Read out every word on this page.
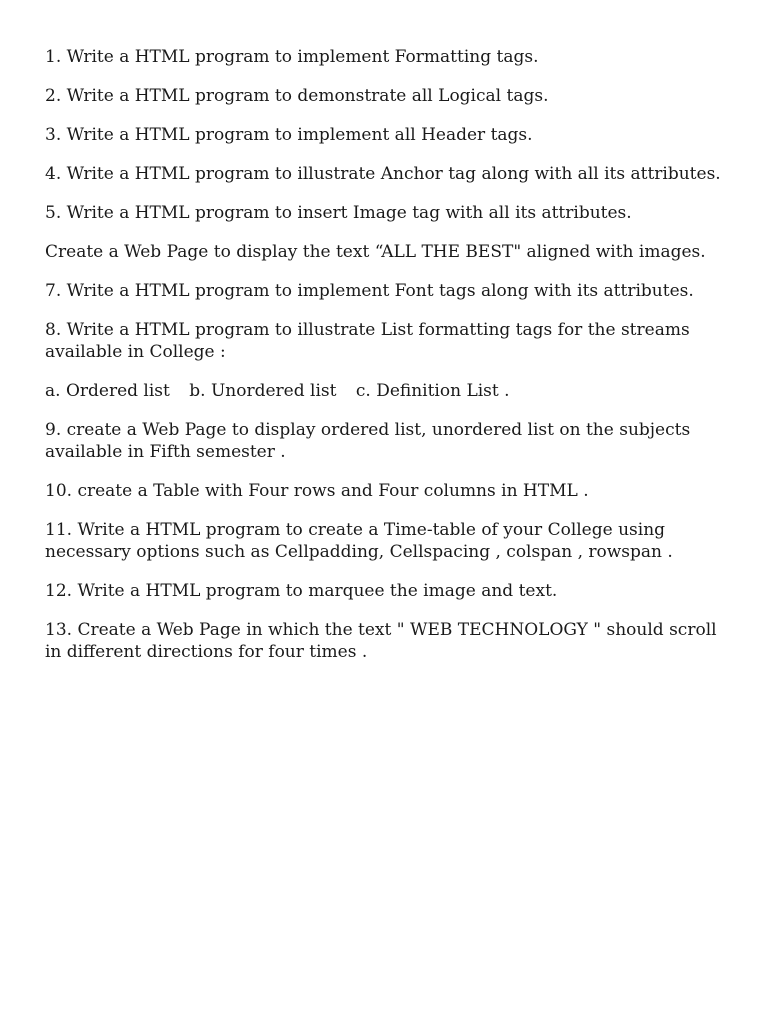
1. Write a HTML program to implement Formatting tags.

2. Write a HTML program to demonstrate all Logical tags.

3. Write a HTML program to implement all Header tags.

4. Write a HTML program to illustrate Anchor tag along with all its attributes.

5. Write a HTML program to insert Image tag with all its attributes.

Create a Web Page to display the text “ALL THE BEST" aligned with images.

7. Write a HTML program to implement Font tags along with its attributes.

8. Write a HTML program to illustrate List formatting tags for the streams available in College :

a. Ordered list b. Unordered list c. Definition List .

9. create a Web Page to display ordered list, unordered list on the subjects available in Fifth semester .

10. create a Table with Four rows and Four columns in HTML .

11. Write a HTML program to create a Time-table of your College using necessary options such as Cellpadding, Cellspacing , colspan , rowspan .

12. Write a HTML program to marquee the image and text.

13. Create a Web Page in which the text " WEB TECHNOLOGY " should scroll in different directions for four times .
